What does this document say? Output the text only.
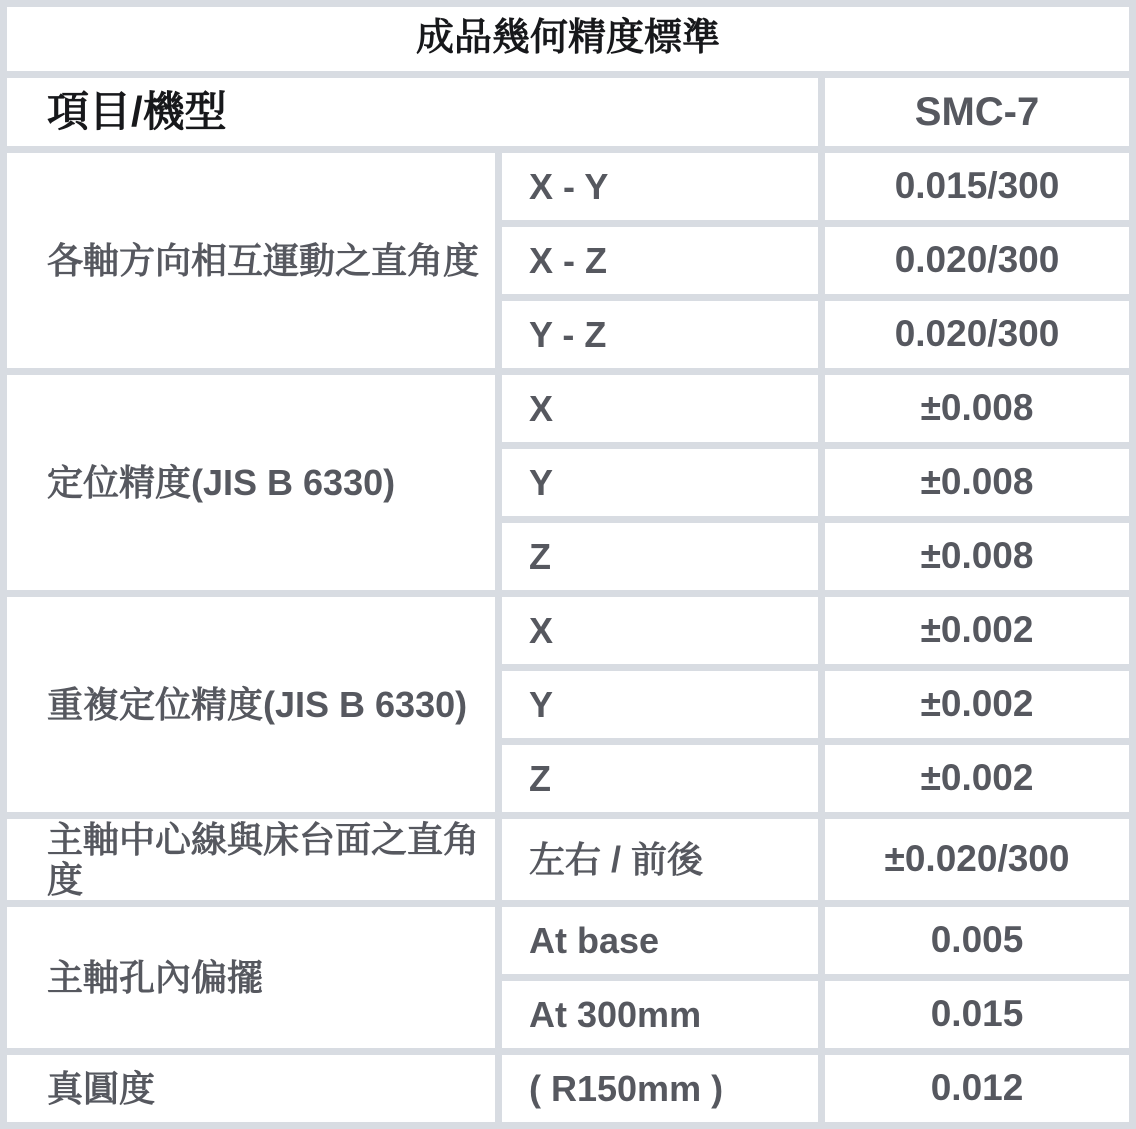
成品幾何精度標準		
項目/機型		SMC-7
各軸方向相互運動之直角度	X - Y	0.015/300
	X - Z	0.020/300
	Y - Z	0.020/300
定位精度(JIS B 6330)	X	±0.008
	Y	±0.008
	Z	±0.008
重複定位精度(JIS B 6330)	X	±0.002
	Y	±0.002
	Z	±0.002
主軸中心線與床台面之直角度	左右 / 前後	±0.020/300
主軸孔內偏擺	At base	0.005
	At 300mm	0.015
真圓度	( R150mm )	0.012
